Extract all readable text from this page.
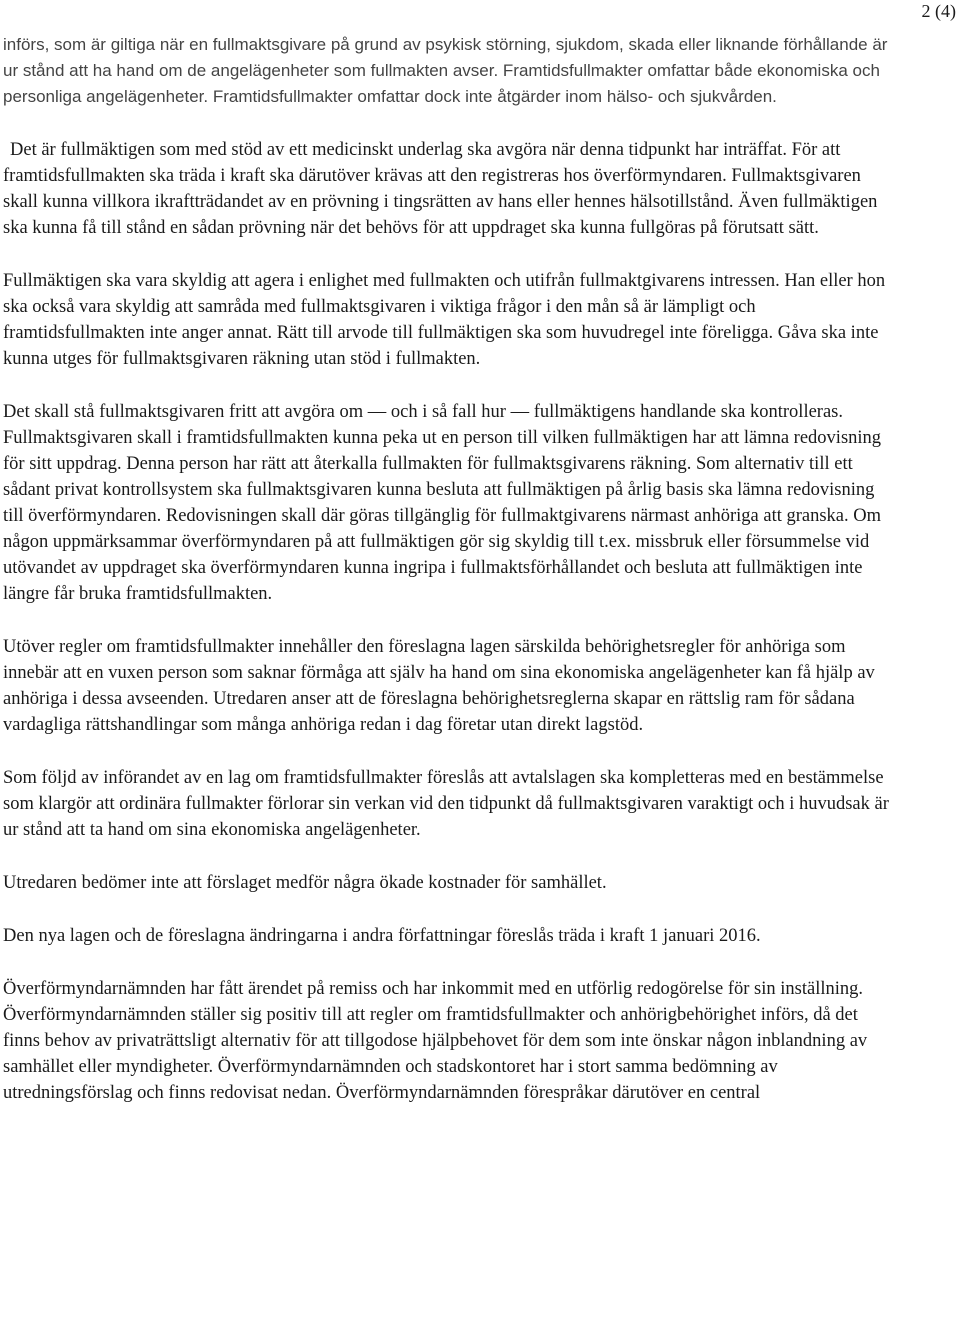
2 (4)

införs, som är giltiga när en fullmaktsgivare på grund av psykisk störning, sjukdom, skada eller liknande förhållande är ur stånd att ha hand om de angelägenheter som fullmakten avser. Framtidsfullmakter omfattar både ekonomiska och personliga angelägenheter. Framtidsfullmakter omfattar dock inte åtgärder inom hälso- och sjukvården.

Det är fullmäktigen som med stöd av ett medicinskt underlag ska avgöra när denna tidpunkt har inträffat. För att framtidsfullmakten ska träda i kraft ska därutöver krävas att den registreras hos överförmyndaren. Fullmaktsgivaren skall kunna villkora ikraftträdandet av en prövning i tingsrätten av hans eller hennes hälsotillstånd. Även fullmäktigen ska kunna få till stånd en sådan prövning när det behövs för att uppdraget ska kunna fullgöras på förutsatt sätt.

Fullmäktigen ska vara skyldig att agera i enlighet med fullmakten och utifrån fullmaktgivarens intressen. Han eller hon ska också vara skyldig att samråda med fullmaktsgivaren i viktiga frågor i den mån så är lämpligt och framtidsfullmakten inte anger annat. Rätt till arvode till fullmäktigen ska som huvudregel inte föreligga. Gåva ska inte kunna utges för fullmaktsgivaren räkning utan stöd i fullmakten.

Det skall stå fullmaktsgivaren fritt att avgöra om — och i så fall hur — fullmäktigens handlande ska kontrolleras. Fullmaktsgivaren skall i framtidsfullmakten kunna peka ut en person till vilken fullmäktigen har att lämna redovisning för sitt uppdrag. Denna person har rätt att återkalla fullmakten för fullmaktsgivarens räkning. Som alternativ till ett sådant privat kontrollsystem ska fullmaktsgivaren kunna besluta att fullmäktigen på årlig basis ska lämna redovisning till överförmyndaren. Redovisningen skall där göras tillgänglig för fullmaktgivarens närmast anhöriga att granska. Om någon uppmärksammar överförmyndaren på att fullmäktigen gör sig skyldig till t.ex. missbruk eller försummelse vid utövandet av uppdraget ska överförmyndaren kunna ingripa i fullmaktsförhållandet och besluta att fullmäktigen inte längre får bruka framtidsfullmakten.

Utöver regler om framtidsfullmakter innehåller den föreslagna lagen särskilda behörighetsregler för anhöriga som innebär att en vuxen person som saknar förmåga att själv ha hand om sina ekonomiska angelägenheter kan få hjälp av anhöriga i dessa avseenden. Utredaren anser att de föreslagna behörighetsreglerna skapar en rättslig ram för sådana vardagliga rättshandlingar som många anhöriga redan i dag företar utan direkt lagstöd.

Som följd av införandet av en lag om framtidsfullmakter föreslås att avtalslagen ska kompletteras med en bestämmelse som klargör att ordinära fullmakter förlorar sin verkan vid den tidpunkt då fullmaktsgivaren varaktigt och i huvudsak är ur stånd att ta hand om sina ekonomiska angelägenheter.

Utredaren bedömer inte att förslaget medför några ökade kostnader för samhället.

Den nya lagen och de föreslagna ändringarna i andra författningar föreslås träda i kraft 1 januari 2016.

Överförmyndarnämnden har fått ärendet på remiss och har inkommit med en utförlig redogörelse för sin inställning. Överförmyndarnämnden ställer sig positiv till att regler om framtidsfullmakter och anhörigbehörighet införs, då det finns behov av privaträttsligt alternativ för att tillgodose hjälpbehovet för dem som inte önskar någon inblandning av samhället eller myndigheter. Överförmyndarnämnden och stadskontoret har i stort samma bedömning av utredningsförslag och finns redovisat nedan. Överförmyndarnämnden förespråkar därutöver en central
